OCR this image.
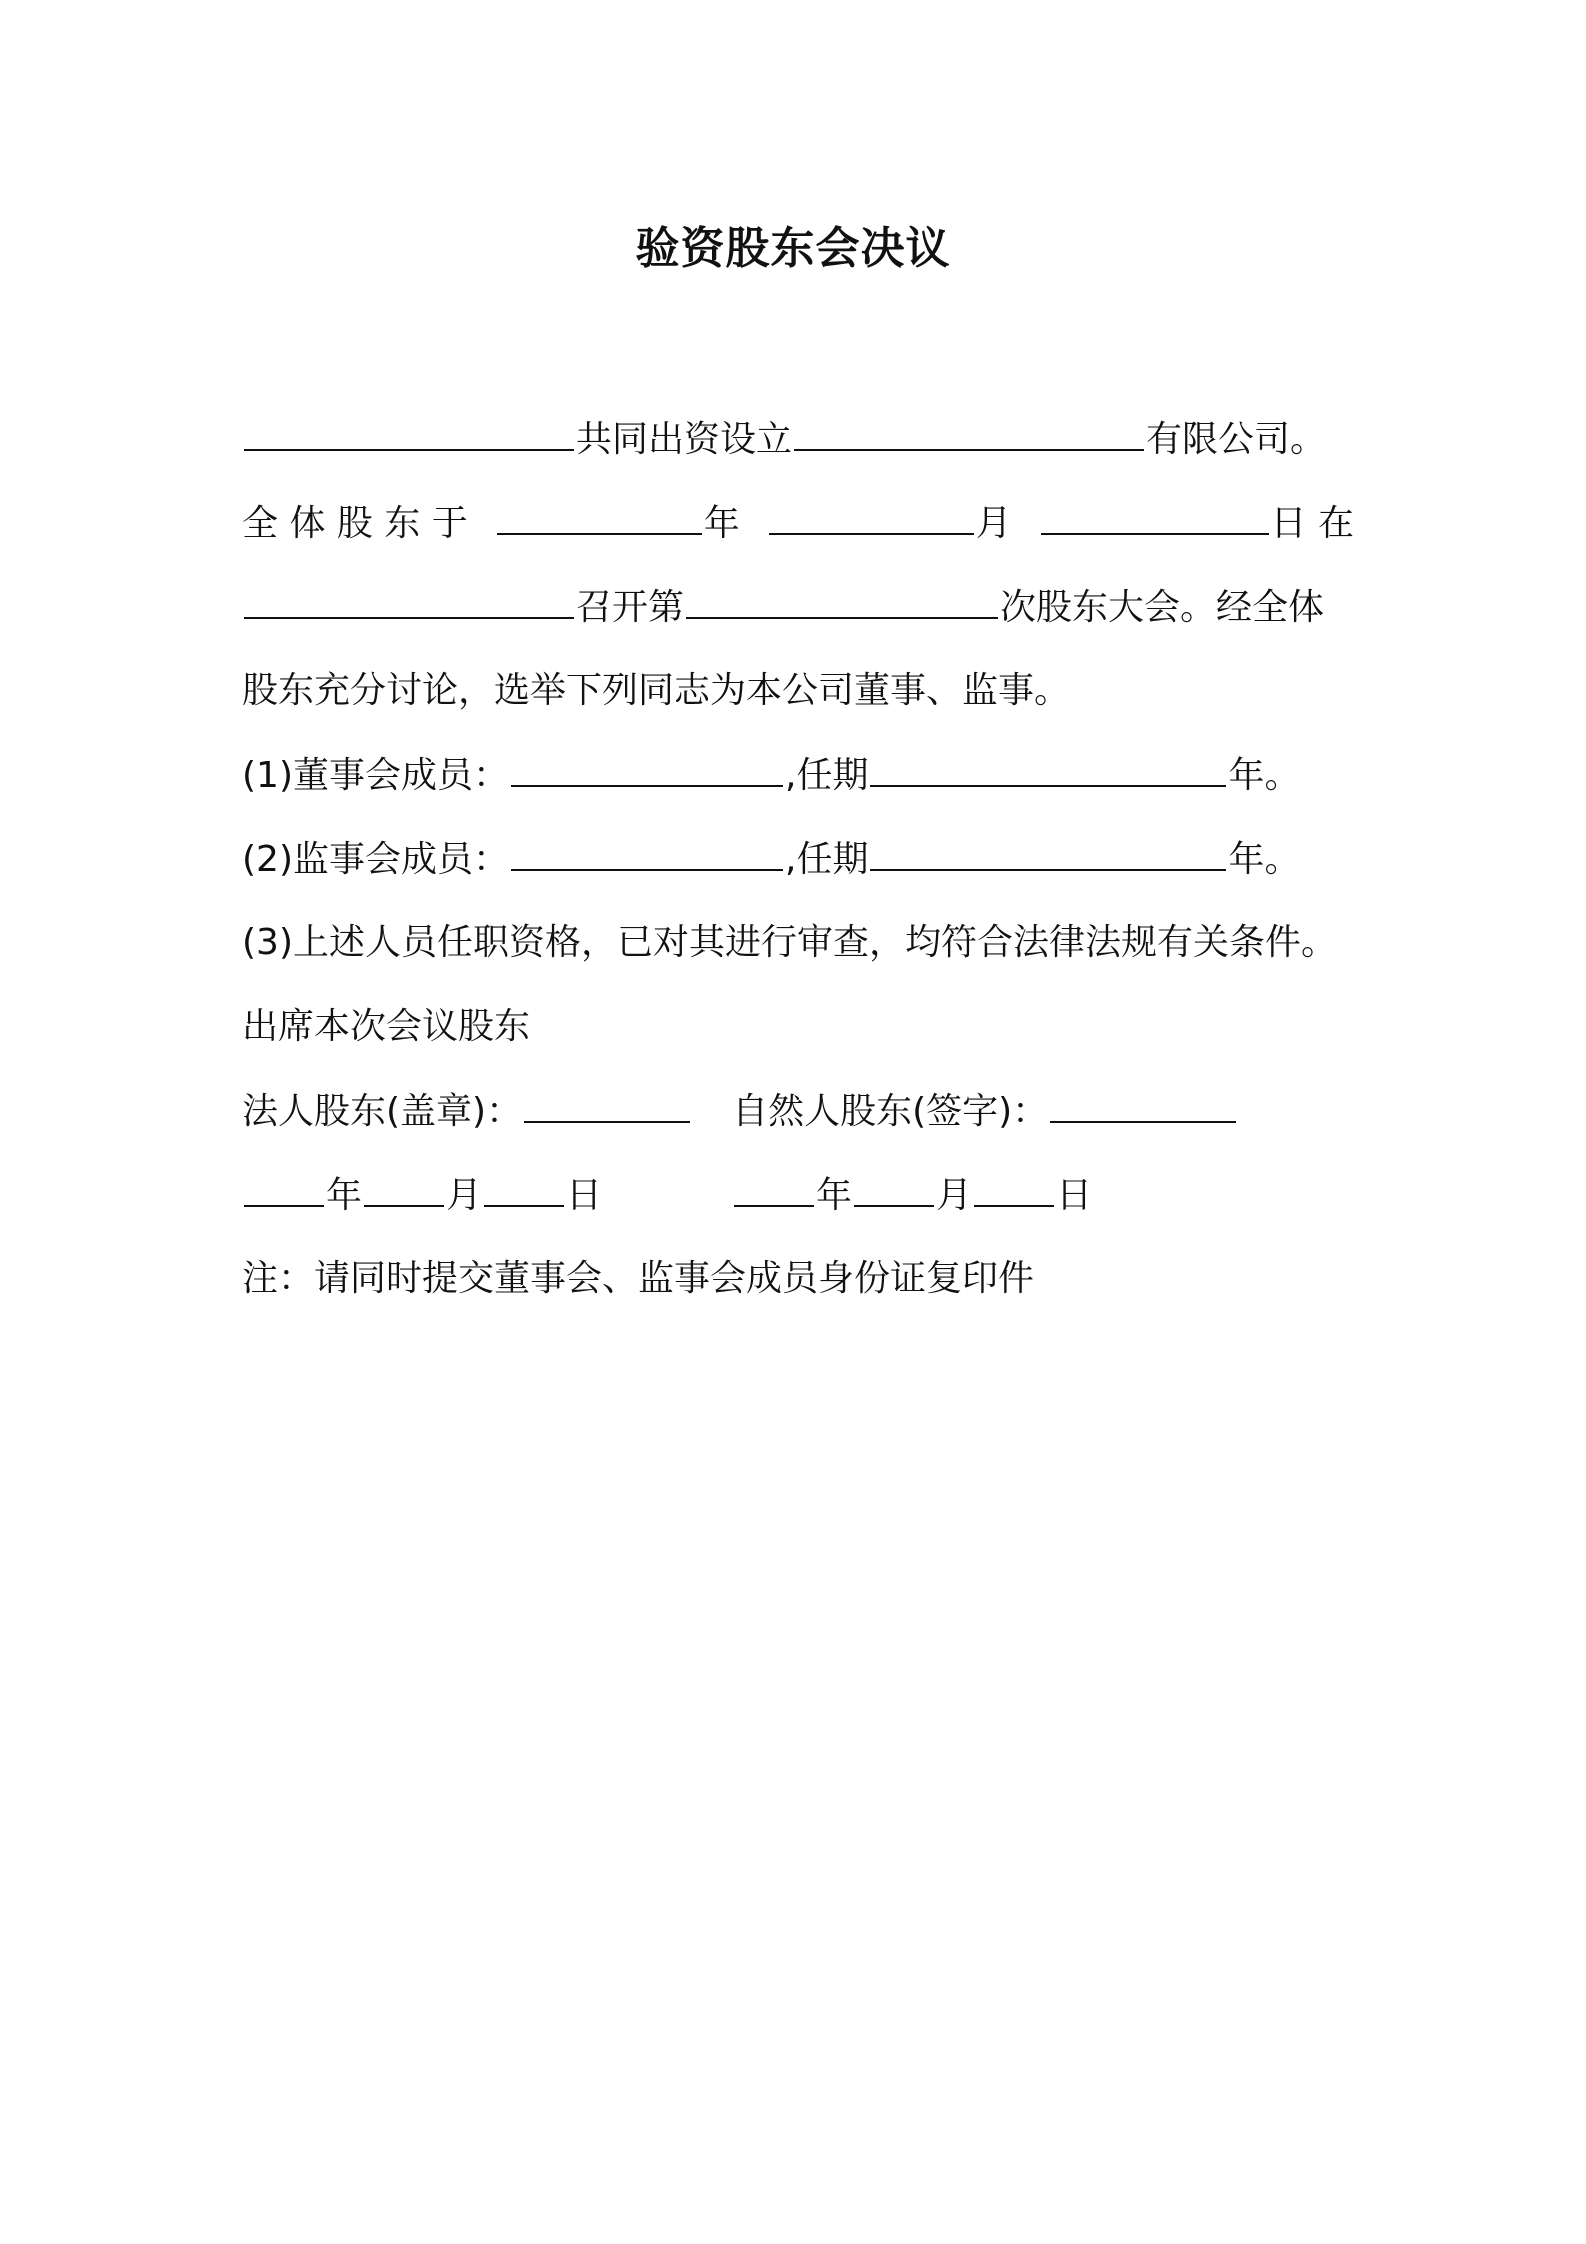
验资股东会决议
共同出资设立	有限公司。
全 体 股 东 于	年	月	日 在
召开第	次股东大会。经全体
股东充分讨论，选举下列同志为本公司董事、监事。
(1)董事会成员：	,任期	年。
(2)监事会成员：	,任期	年。
(3)上述人员任职资格，已对其进行审查，均符合法律法规有关条件。
出席本次会议股东
法人股东(盖章)：	自然人股东(签字)：
年 月 日	年 月 日
注：请同时提交董事会、监事会成员身份证复印件
